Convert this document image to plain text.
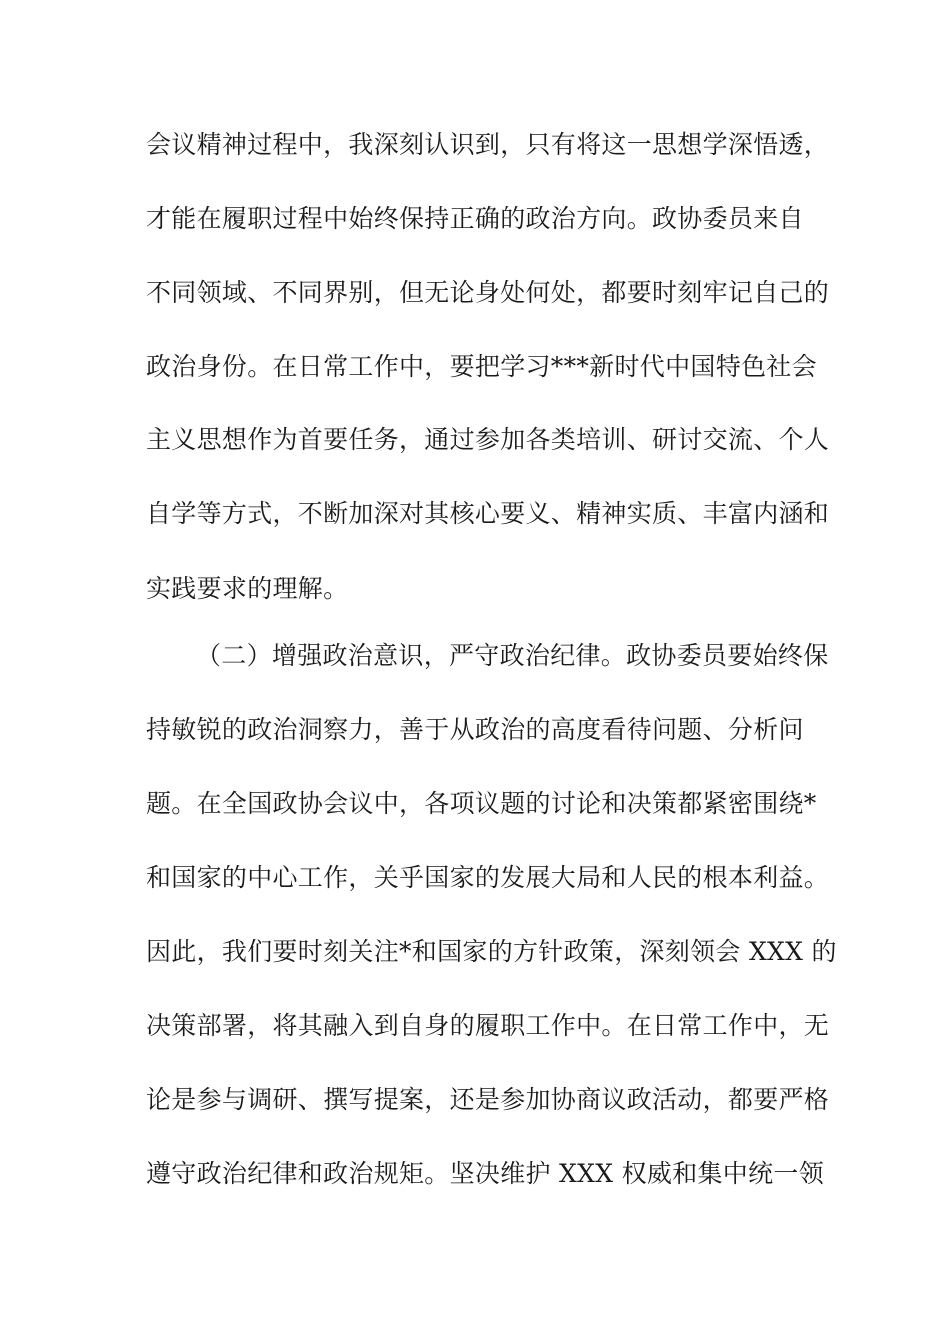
会议精神过程中，我深刻认识到，只有将这一思想学深悟透，
才能在履职过程中始终保持正确的政治方向。政协委员来自
不同领域、不同界别，但无论身处何处，都要时刻牢记自己的
政治身份。在日常工作中，要把学习***新时代中国特色社会
主义思想作为首要任务，通过参加各类培训、研讨交流、个人
自学等方式，不断加深对其核心要义、精神实质、丰富内涵和
实践要求的理解。
（二）增强政治意识，严守政治纪律。政协委员要始终保
持敏锐的政治洞察力，善于从政治的高度看待问题、分析问
题。在全国政协会议中，各项议题的讨论和决策都紧密围绕*
和国家的中心工作，关乎国家的发展大局和人民的根本利益。
因此，我们要时刻关注*和国家的方针政策，深刻领会 XXX 的
决策部署，将其融入到自身的履职工作中。在日常工作中，无
论是参与调研、撰写提案，还是参加协商议政活动，都要严格
遵守政治纪律和政治规矩。坚决维护 XXX 权威和集中统一领
